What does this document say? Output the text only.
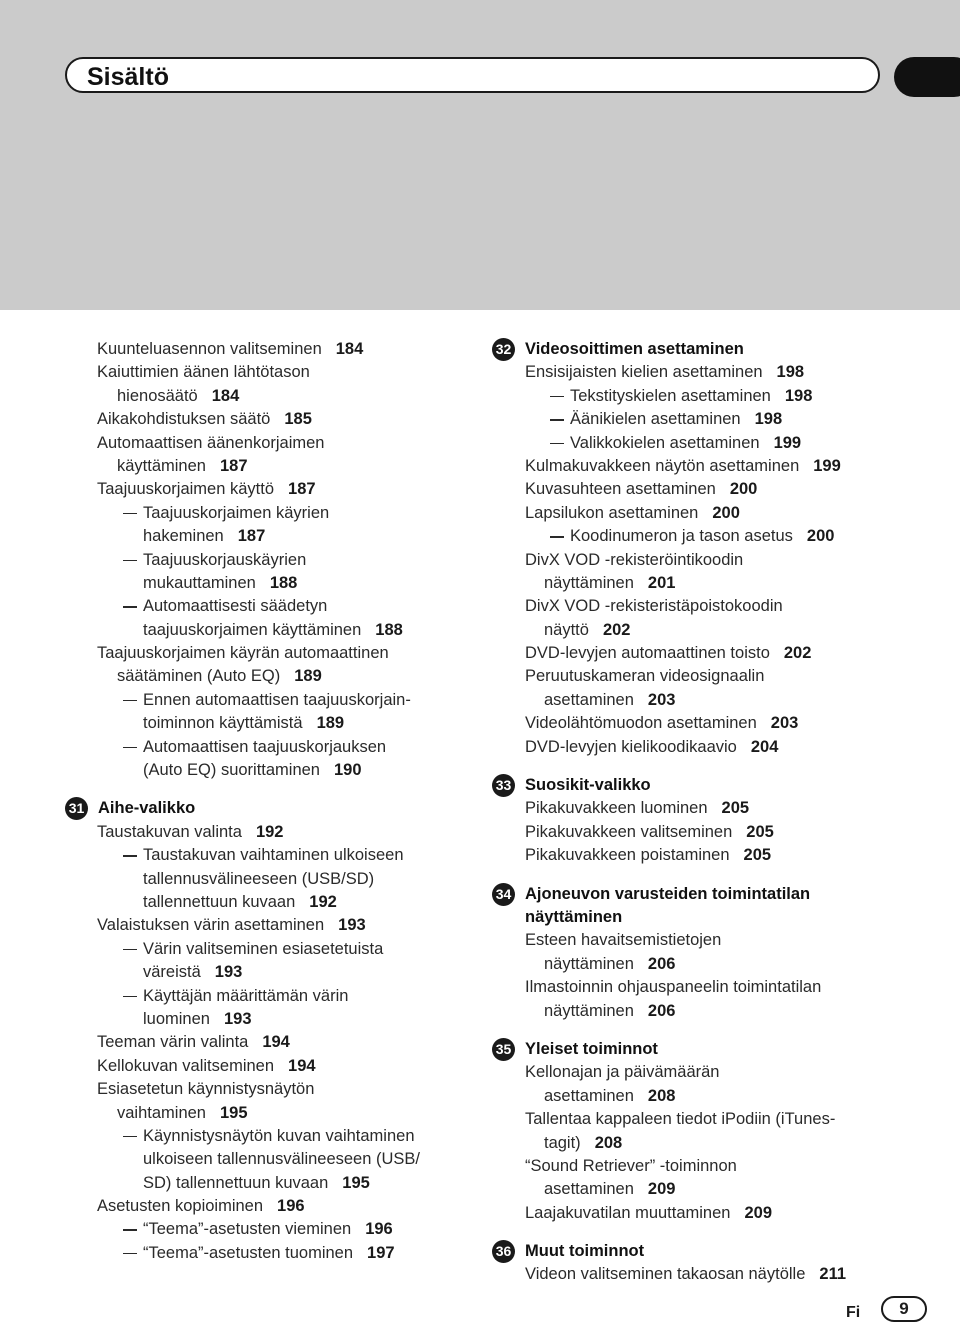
Sisältö
Kuunteluasennon valitseminen 184
Kaiuttimien äänen lähtötason
hienosäätö 184
Aikakohdistuksen säätö 185
Automaattisen äänenkorjaimen
käyttäminen 187
Taajuuskorjaimen käyttö 187
Taajuuskorjaimen käyrien
hakeminen 187
Taajuuskorjauskäyrien
mukauttaminen 188
Automaattisesti säädetyn
taajuuskorjaimen käyttäminen 188
Taajuuskorjaimen käyrän automaattinen
säätäminen (Auto EQ) 189
Ennen automaattisen taajuuskorjain-
toiminnon käyttämistä 189
Automaattisen taajuuskorjauksen
(Auto EQ) suorittaminen 190
31 Aihe-valikko
Taustakuvan valinta 192
Taustakuvan vaihtaminen ulkoiseen
tallennusvälineeseen (USB/SD)
tallennettuun kuvaan 192
Valaistuksen värin asettaminen 193
Värin valitseminen esiasetetuista
väreistä 193
Käyttäjän määrittämän värin
luominen 193
Teeman värin valinta 194
Kellokuvan valitseminen 194
Esiasetetun käynnistysnäytön
vaihtaminen 195
Käynnistysnäytön kuvan vaihtaminen
ulkoiseen tallennusvälineeseen (USB/
SD) tallennettuun kuvaan 195
Asetusten kopioiminen 196
“Teema”-asetusten vieminen 196
“Teema”-asetusten tuominen 197
32 Videosoittimen asettaminen
Ensisijaisten kielien asettaminen 198
Tekstityskielen asettaminen 198
Äänikielen asettaminen 198
Valikkokielen asettaminen 199
Kulmakuvakkeen näytön asettaminen 199
Kuvasuhteen asettaminen 200
Lapsilukon asettaminen 200
Koodinumeron ja tason asetus 200
DivX VOD -rekisteröintikoodin
näyttäminen 201
DivX VOD -rekisteristäpoistokoodin
näyttö 202
DVD-levyjen automaattinen toisto 202
Peruutuskameran videosignaalin
asettaminen 203
Videolähtömuodon asettaminen 203
DVD-levyjen kielikoodikaavio 204
33 Suosikit-valikko
Pikakuvakkeen luominen 205
Pikakuvakkeen valitseminen 205
Pikakuvakkeen poistaminen 205
34 Ajoneuvon varusteiden toimintatilan
näyttäminen
Esteen havaitsemistietojen
näyttäminen 206
Ilmastoinnin ohjauspaneelin toimintatilan
näyttäminen 206
35 Yleiset toiminnot
Kellonajan ja päivämäärän
asettaminen 208
Tallentaa kappaleen tiedot iPodiin (iTunes-
tagit) 208
“Sound Retriever” -toiminnon
asettaminen 209
Laajakuvatilan muuttaminen 209
36 Muut toiminnot
Videon valitseminen takaosan näytölle 211
Fi	9
